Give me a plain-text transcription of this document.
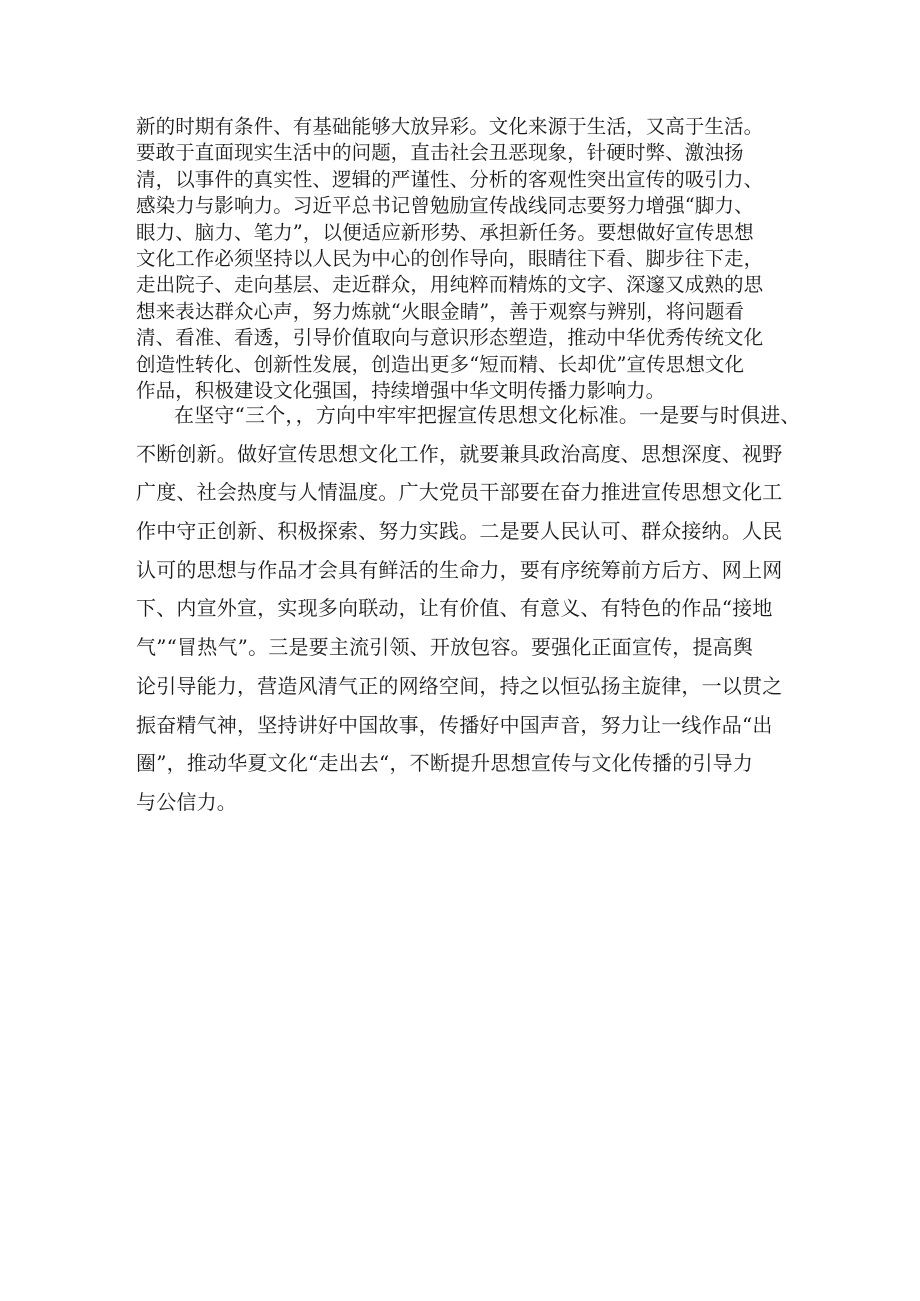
新的时期有条件、有基础能够大放异彩。文化来源于生活，又高于生活。
要敢于直面现实生活中的问题，直击社会丑恶现象，针硬时弊、激浊扬
清，以事件的真实性、逻辑的严谨性、分析的客观性突出宣传的吸引力、
感染力与影响力。习近平总书记曾勉励宣传战线同志要努力增强“脚力、
眼力、脑力、笔力”，以便适应新形势、承担新任务。要想做好宣传思想
文化工作必须坚持以人民为中心的创作导向，眼睛往下看、脚步往下走，
走出院子、走向基层、走近群众，用纯粹而精炼的文字、深邃又成熟的思
想来表达群众心声，努力炼就“火眼金睛”，善于观察与辨别，将问题看
清、看准、看透，引导价值取向与意识形态塑造，推动中华优秀传统文化
创造性转化、创新性发展，创造出更多“短而精、长却优”宣传思想文化
作品，积极建设文化强国，持续增强中华文明传播力影响力。

在坚守“三个，，方向中牢牢把握宣传思想文化标准。一是要与时俱进、
不断创新。做好宣传思想文化工作，就要兼具政治高度、思想深度、视野
广度、社会热度与人情温度。广大党员干部要在奋力推进宣传思想文化工
作中守正创新、积极探索、努力实践。二是要人民认可、群众接纳。人民
认可的思想与作品才会具有鲜活的生命力，要有序统筹前方后方、网上网
下、内宣外宣，实现多向联动，让有价值、有意义、有特色的作品“接地
气”“冒热气”。三是要主流引领、开放包容。要强化正面宣传，提高舆
论引导能力，营造风清气正的网络空间，持之以恒弘扬主旋律，一以贯之
振奋精气神，坚持讲好中国故事，传播好中国声音，努力让一线作品“出
圈”，推动华夏文化“走出去“，不断提升思想宣传与文化传播的引导力
与公信力。
